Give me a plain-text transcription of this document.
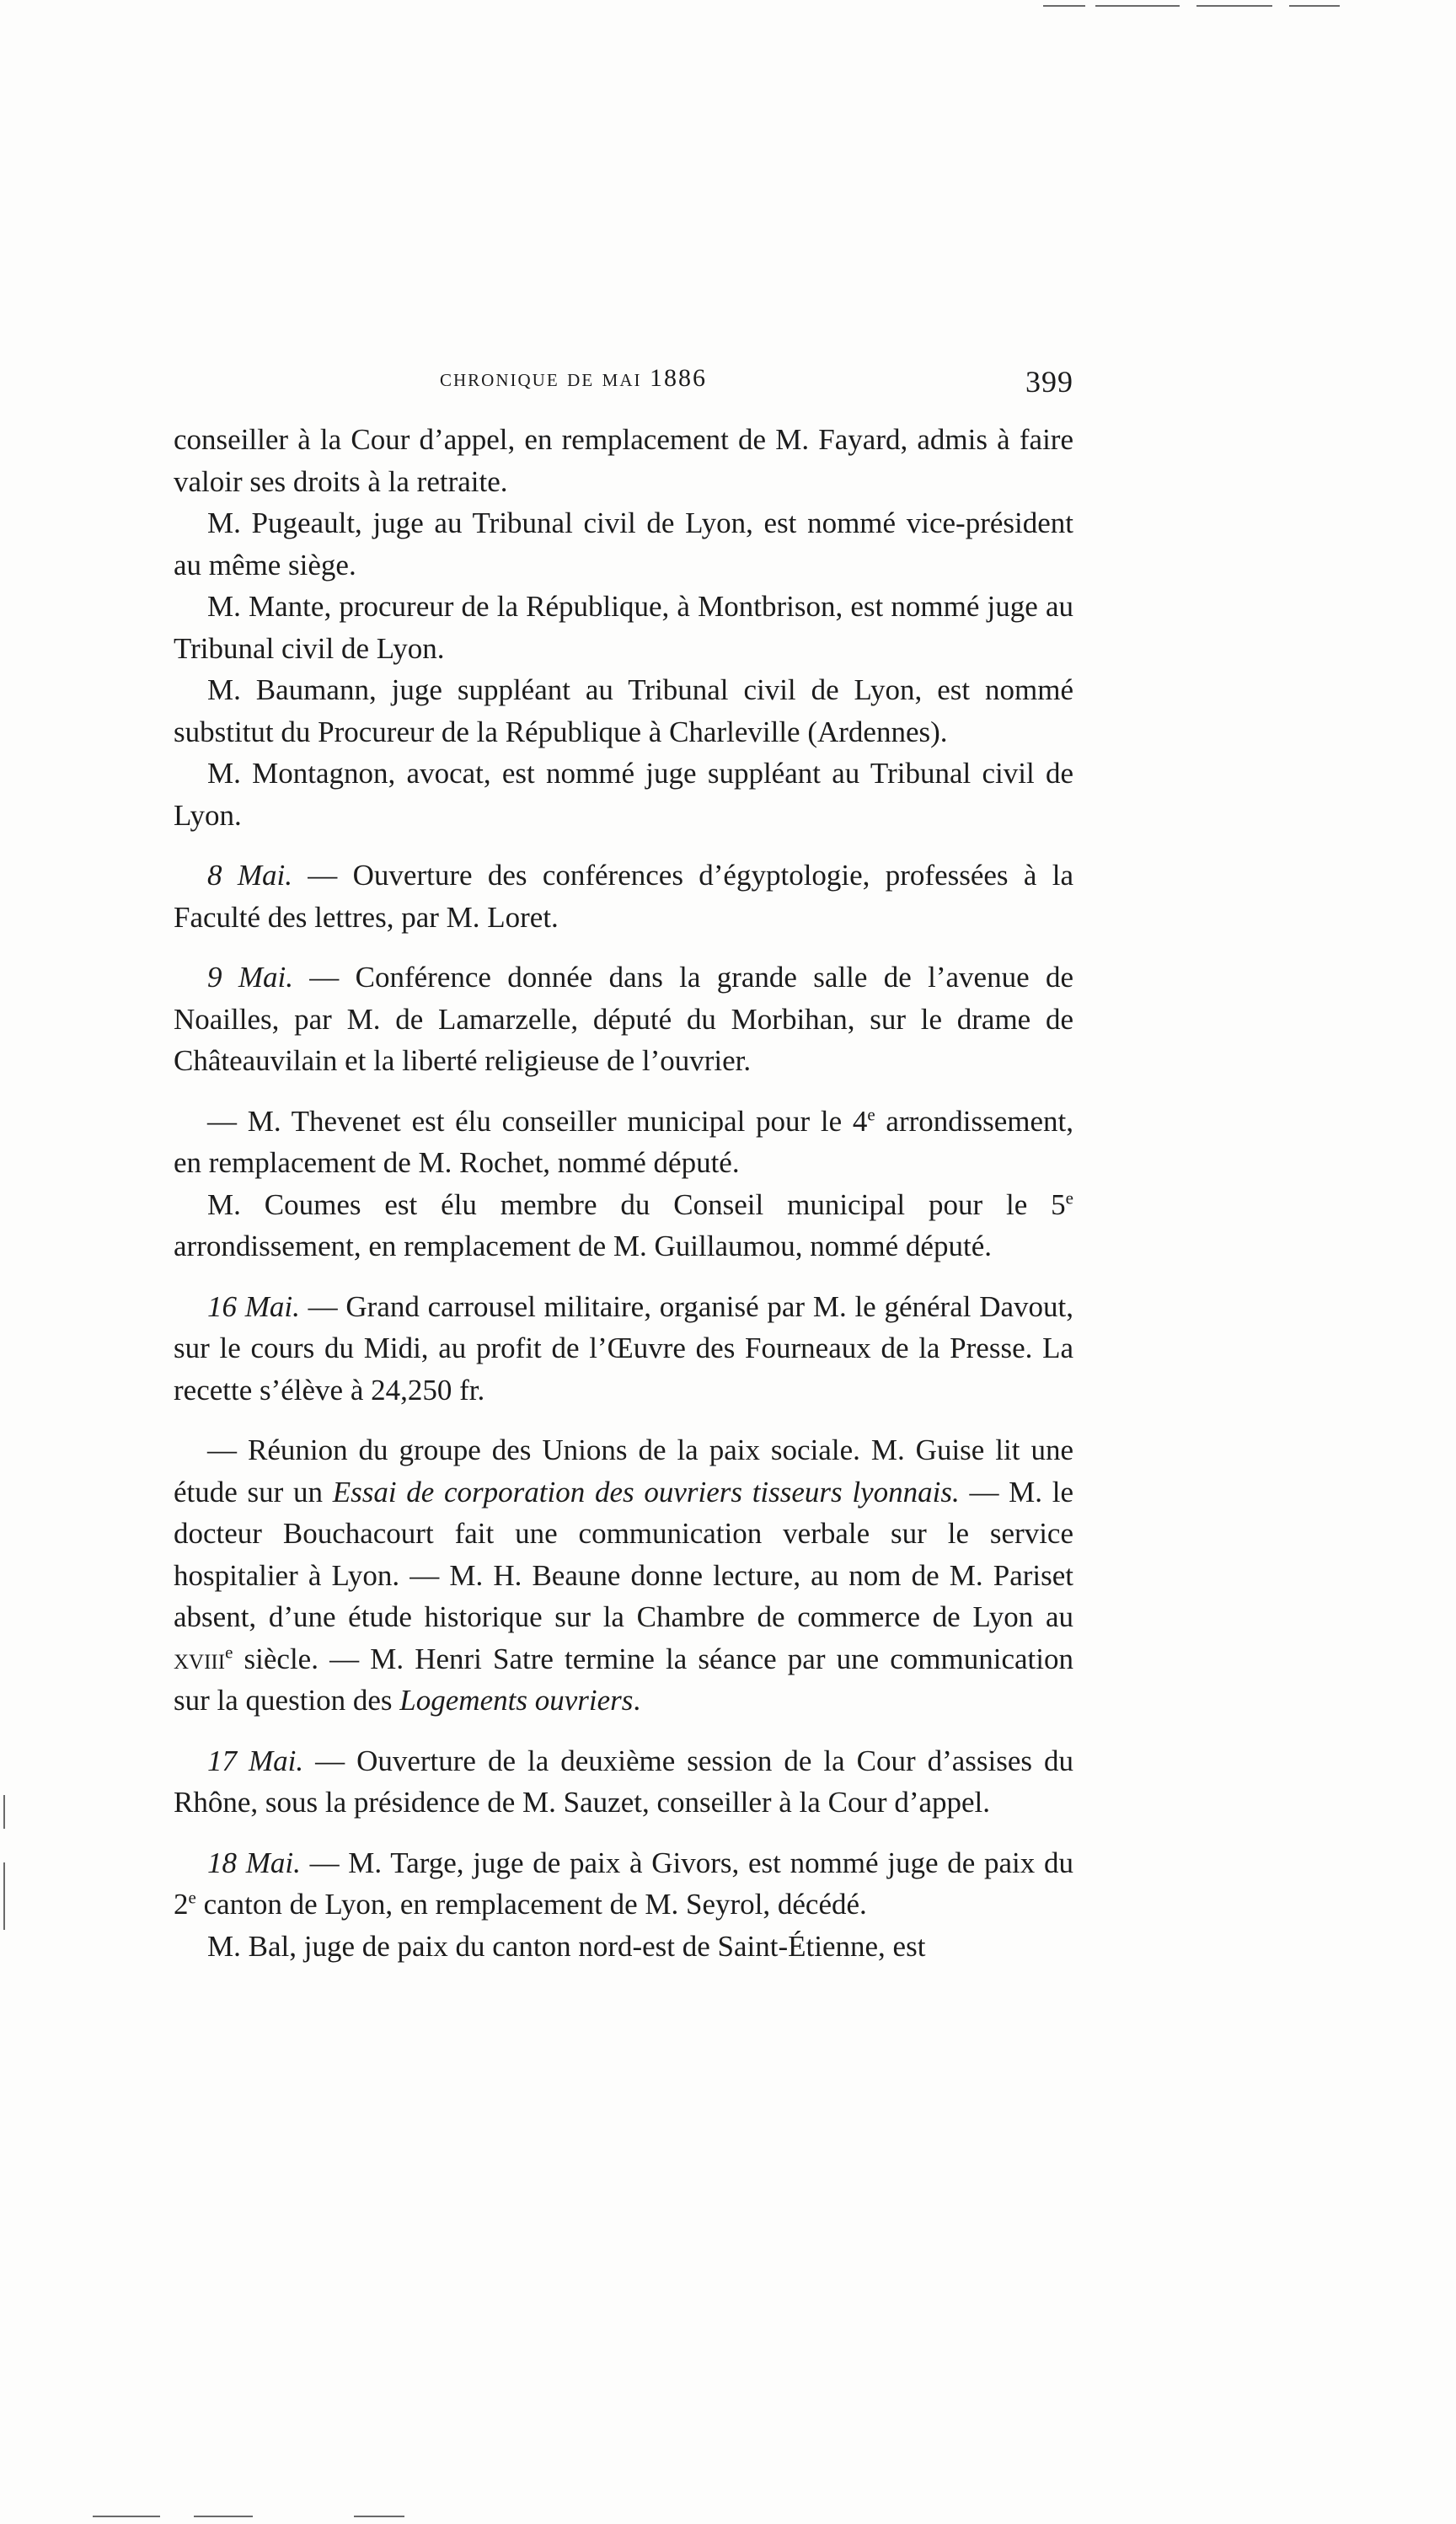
chronique de mai 1886	399

conseiller à la Cour d’appel, en remplacement de M. Fayard, admis à faire valoir ses droits à la retraite.

M. Pugeault, juge au Tribunal civil de Lyon, est nommé vice-président au même siège.

M. Mante, procureur de la République, à Montbrison, est nommé juge au Tribunal civil de Lyon.

M. Baumann, juge suppléant au Tribunal civil de Lyon, est nommé substitut du Procureur de la République à Charleville (Ardennes).

M. Montagnon, avocat, est nommé juge suppléant au Tribunal civil de Lyon.

8 Mai. — Ouverture des conférences d’égyptologie, professées à la Faculté des lettres, par M. Loret.

9 Mai. — Conférence donnée dans la grande salle de l’avenue de Noailles, par M. de Lamarzelle, député du Morbihan, sur le drame de Châteauvilain et la liberté religieuse de l’ouvrier.

— M. Thevenet est élu conseiller municipal pour le 4e arrondissement, en remplacement de M. Rochet, nommé député.

M. Coumes est élu membre du Conseil municipal pour le 5e arrondissement, en remplacement de M. Guillaumou, nommé député.

16 Mai. — Grand carrousel militaire, organisé par M. le général Davout, sur le cours du Midi, au profit de l’Œuvre des Fourneaux de la Presse. La recette s’élève à 24,250 fr.

— Réunion du groupe des Unions de la paix sociale. M. Guise lit une étude sur un Essai de corporation des ouvriers tisseurs lyonnais. — M. le docteur Bouchacourt fait une communication verbale sur le service hospitalier à Lyon. — M. H. Beaune donne lecture, au nom de M. Pariset absent, d’une étude historique sur la Chambre de commerce de Lyon au xviii$^e$ siècle. — M. Henri Satre termine la séance par une communication sur la question des Logements ouvriers.

17 Mai. — Ouverture de la deuxième session de la Cour d’assises du Rhône, sous la présidence de M. Sauzet, conseiller à la Cour d’appel.

18 Mai. — M. Targe, juge de paix à Givors, est nommé juge de paix du 2e canton de Lyon, en remplacement de M. Seyrol, décédé.

M. Bal, juge de paix du canton nord-est de Saint-Étienne, est
